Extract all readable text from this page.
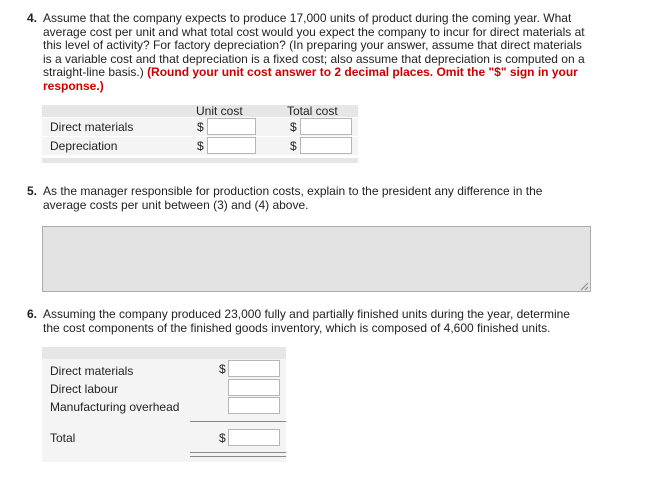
4. Assume that the company expects to produce 17,000 units of product during the coming year. What average cost per unit and what total cost would you expect the company to incur for direct materials at this level of activity? For factory depreciation? (In preparing your answer, assume that direct materials is a variable cost and that depreciation is a fixed cost; also assume that depreciation is computed on a straight-line basis.) (Round your unit cost answer to 2 decimal places. Omit the "$" sign in your response.)
Unit cost	Total cost
Direct materials	$	$
Depreciation	$	$
5. As the manager responsible for production costs, explain to the president any difference in the average costs per unit between (3) and (4) above.
6. Assuming the company produced 23,000 fully and partially finished units during the year, determine the cost components of the finished goods inventory, which is composed of 4,600 finished units.
Direct materials	$
Direct labour
Manufacturing overhead
Total	$
